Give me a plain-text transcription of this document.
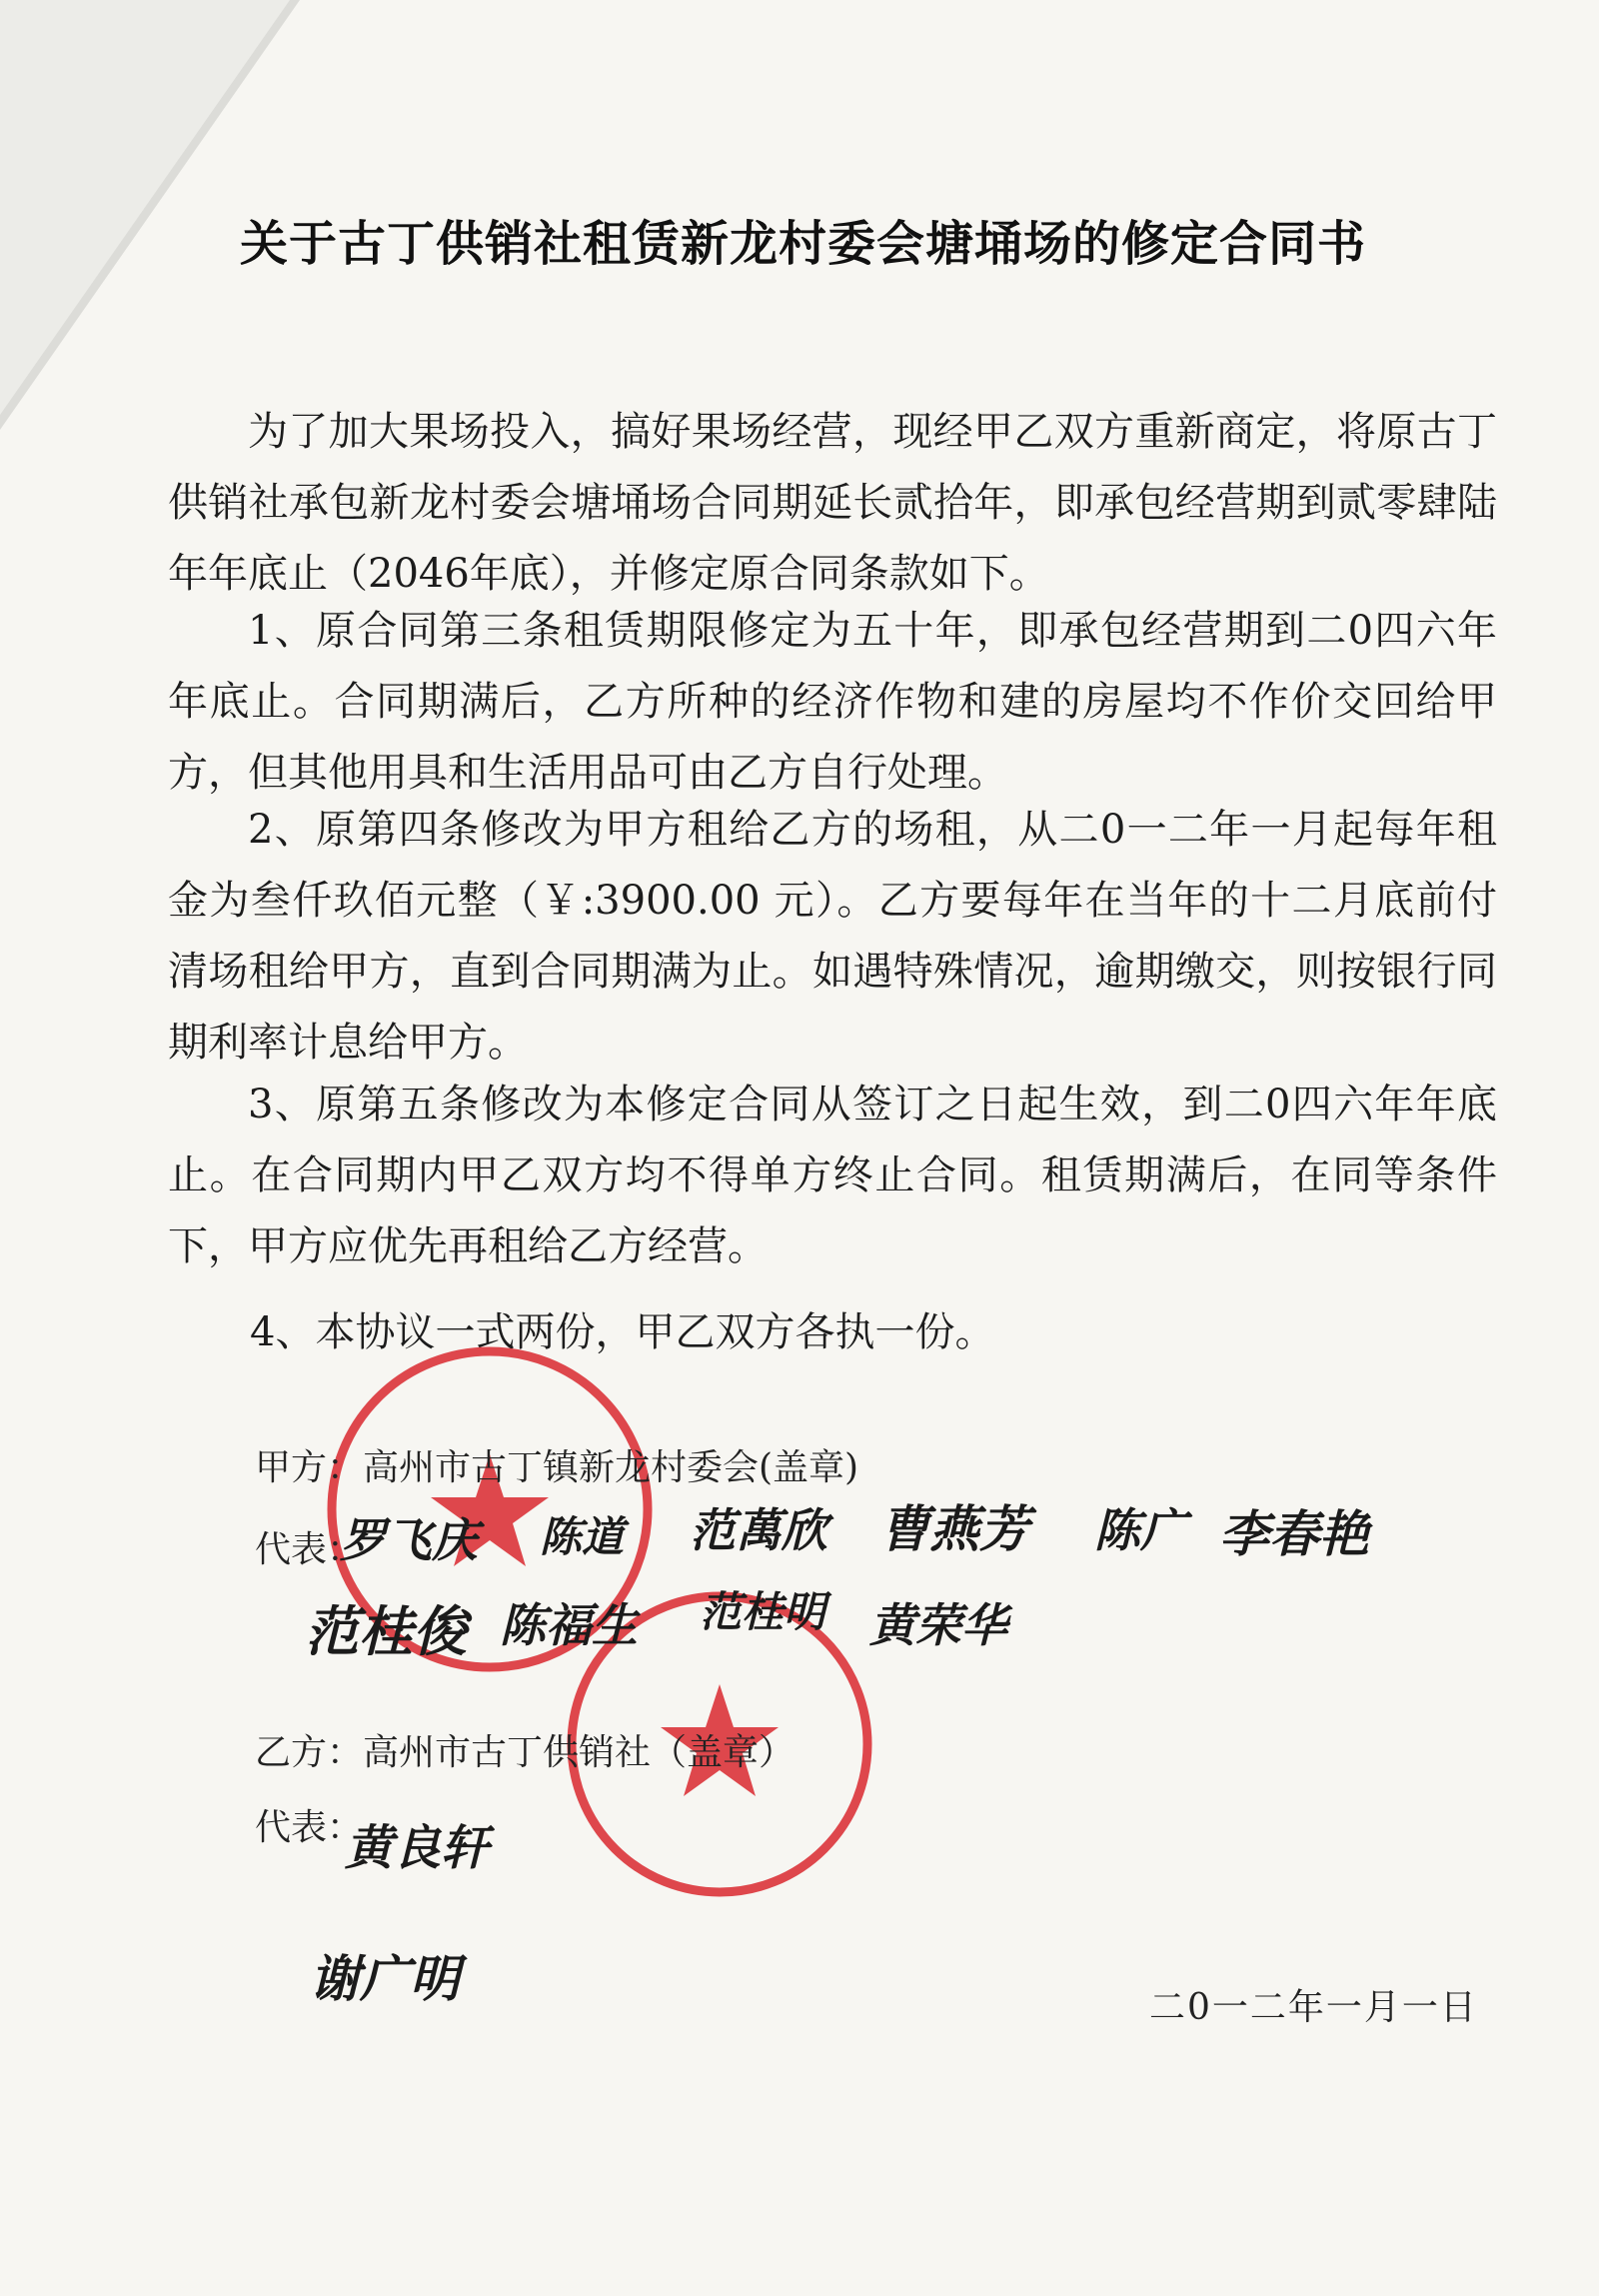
关于古丁供销社租赁新龙村委会塘埇场的修定合同书
为了加大果场投入，搞好果场经营，现经甲乙双方重新商定，将原古丁供销社承包新龙村委会塘埇场合同期延长贰拾年，即承包经营期到贰零肆陆年年底止（2046年底），并修定原合同条款如下。
1、原合同第三条租赁期限修定为五十年，即承包经营期到二0四六年年底止。合同期满后，乙方所种的经济作物和建的房屋均不作价交回给甲方，但其他用具和生活用品可由乙方自行处理。
2、原第四条修改为甲方租给乙方的场租，从二0一二年一月起每年租金为叁仟玖佰元整（￥:3900.00 元）。乙方要每年在当年的十二月底前付清场租给甲方，直到合同期满为止。如遇特殊情况，逾期缴交，则按银行同期利率计息给甲方。
3、原第五条修改为本修定合同从签订之日起生效，到二0四六年年底止。在合同期内甲乙双方均不得单方终止合同。租赁期满后，在同等条件下，甲方应优先再租给乙方经营。
4、本协议一式两份，甲乙双方各执一份。
甲方：高州市古丁镇新龙村委会(盖章)
代表：
罗飞庆 陈道 范萬欣 曹燕芳 陈广 李春艳
范桂俊 陈福生 范桂明 黄荣华
乙方：高州市古丁供销社（盖章）
代表：
黄良轩
谢广明	二0一二年一月一日
